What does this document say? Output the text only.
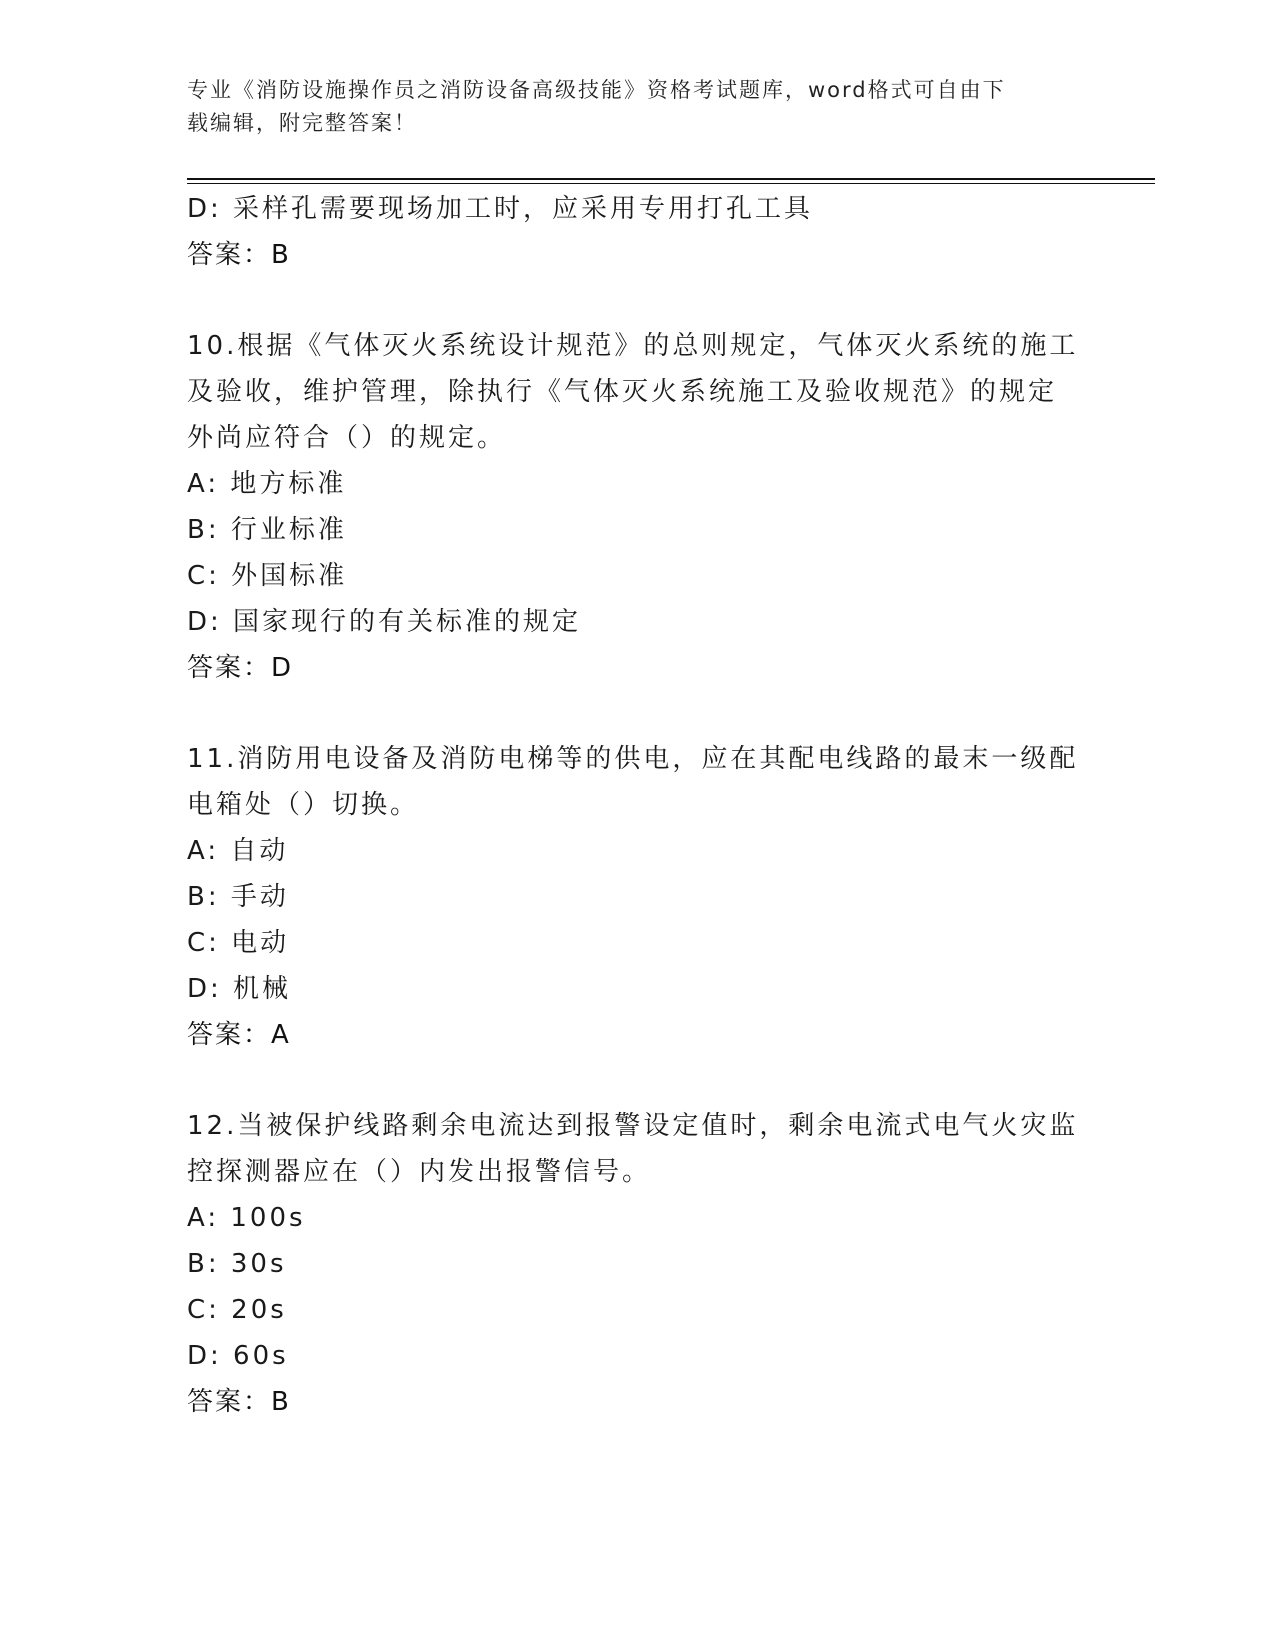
专业《消防设施操作员之消防设备高级技能》资格考试题库，word格式可自由下
载编辑，附完整答案！
D: 采样孔需要现场加工时，应采用专用打孔工具
答案：B
10.根据《气体灭火系统设计规范》的总则规定，气体灭火系统的施工
及验收，维护管理，除执行《气体灭火系统施工及验收规范》的规定
外尚应符合（）的规定。
A: 地方标准
B: 行业标准
C: 外国标准
D: 国家现行的有关标准的规定
答案：D
11.消防用电设备及消防电梯等的供电，应在其配电线路的最末一级配
电箱处（）切换。
A: 自动
B: 手动
C: 电动
D: 机械
答案：A
12.当被保护线路剩余电流达到报警设定值时，剩余电流式电气火灾监
控探测器应在（）内发出报警信号。
A: 100s
B: 30s
C: 20s
D: 60s
答案：B
